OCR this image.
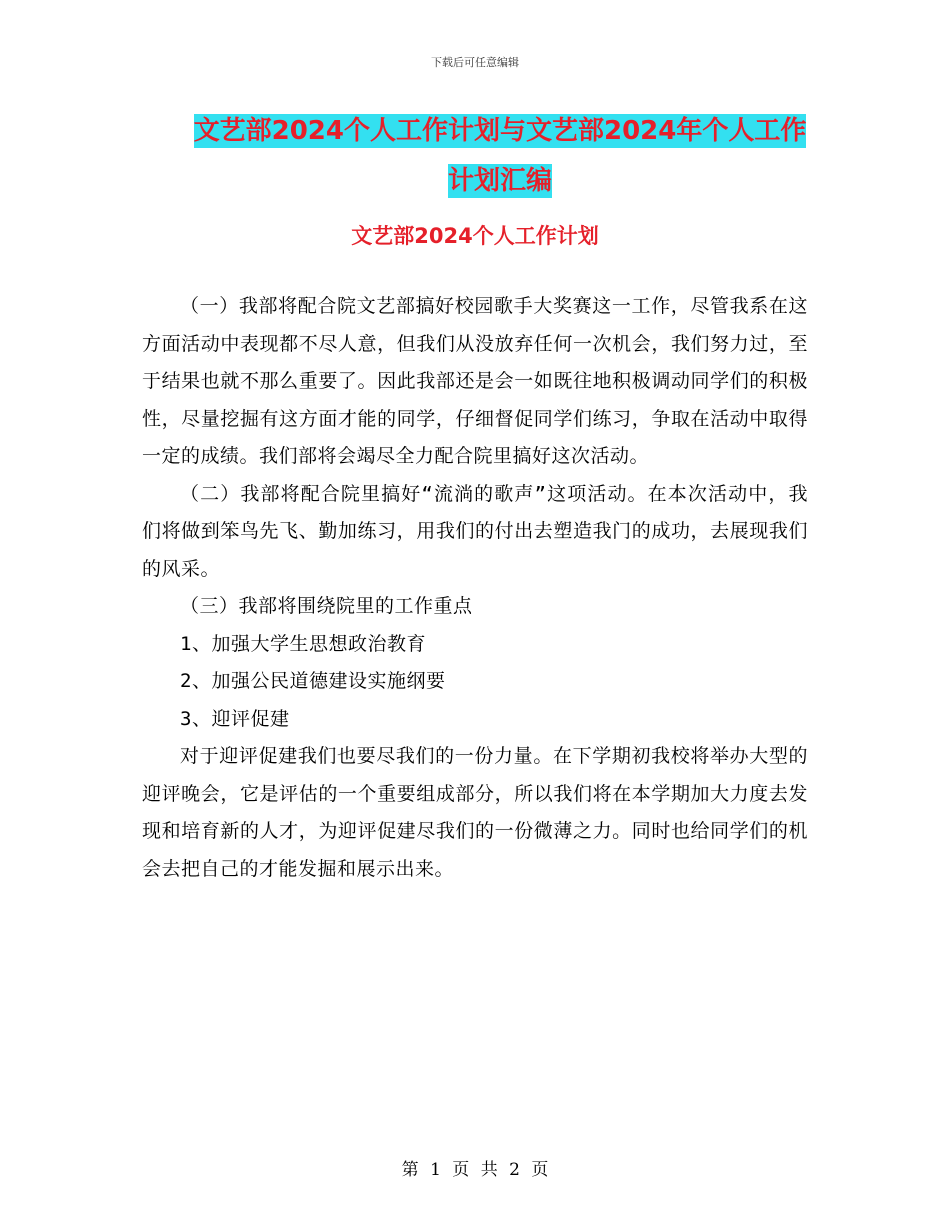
下载后可任意编辑
文艺部2024个人工作计划与文艺部2024年个人工作
计划汇编
文艺部2024个人工作计划

（一）我部将配合院文艺部搞好校园歌手大奖赛这一工作，尽管我系在这方面活动中表现都不尽人意，但我们从没放弃任何一次机会，我们努力过，至于结果也就不那么重要了。因此我部还是会一如既往地积极调动同学们的积极性，尽量挖掘有这方面才能的同学，仔细督促同学们练习，争取在活动中取得一定的成绩。我们部将会竭尽全力配合院里搞好这次活动。

（二）我部将配合院里搞好“流淌的歌声”这项活动。在本次活动中，我们将做到笨鸟先飞、勤加练习，用我们的付出去塑造我门的成功，去展现我们的风采。

（三）我部将围绕院里的工作重点

1、加强大学生思想政治教育

2、加强公民道德建设实施纲要

3、迎评促建

对于迎评促建我们也要尽我们的一份力量。在下学期初我校将举办大型的迎评晚会，它是评估的一个重要组成部分，所以我们将在本学期加大力度去发现和培育新的人才，为迎评促建尽我们的一份微薄之力。同时也给同学们的机会去把自己的才能发掘和展示出来。

第 1 页 共 2 页
